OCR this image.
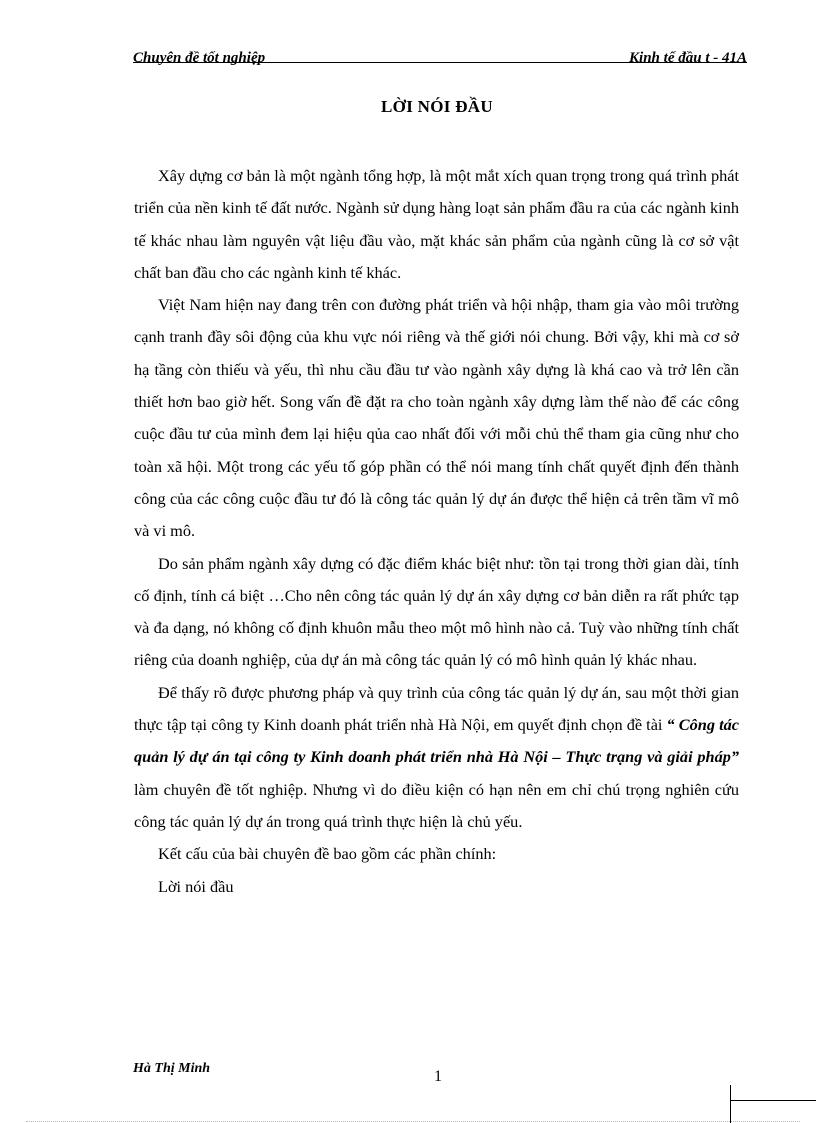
Chuyên đề tốt nghiệp	Kinh tế đầu t - 41A
LỜI NÓI ĐẦU

Xây dựng cơ bản là một ngành tổng hợp, là một mắt xích quan trọng trong quá trình phát triển của nền kinh tế đất nước. Ngành sử dụng hàng loạt sản phẩm đầu ra của các ngành kinh tế khác nhau làm nguyên vật liệu đầu vào, mặt khác sản phẩm của ngành cũng là cơ sở vật chất ban đầu cho các ngành kinh tế khác.

Việt Nam hiện nay đang trên con đường phát triển và hội nhập, tham gia vào môi trường cạnh tranh đầy sôi động của khu vực nói riêng và thế giới nói chung. Bởi vậy, khi mà cơ sở hạ tầng còn thiếu và yếu, thì nhu cầu đầu tư vào ngành xây dựng là khá cao và trở lên cần thiết hơn bao giờ hết. Song vấn đề đặt ra cho toàn ngành xây dựng làm thế nào để các công cuộc đầu tư của mình đem lại hiệu qủa cao nhất đối với mỗi chủ thể tham gia cũng như cho toàn xã hội. Một trong các yếu tố góp phần có thể nói mang tính chất quyết định đến thành công của các công cuộc đầu tư đó là công tác quản lý dự án được thể hiện cả trên tầm vĩ mô và vi mô.

Do sản phẩm ngành xây dựng có đặc điểm khác biệt như: tồn tại trong thời gian dài, tính cố định, tính cá biệt …Cho nên công tác quản lý dự án xây dựng cơ bản diễn ra rất phức tạp và đa dạng, nó không cố định khuôn mẫu theo một mô hình nào cả. Tuỳ vào những tính chất riêng của doanh nghiệp, của dự án mà công tác quản lý có mô hình quản lý khác nhau.

Để thấy rõ được phương pháp và quy trình của công tác quản lý dự án, sau một thời gian thực tập tại công ty Kinh doanh phát triển nhà Hà Nội, em quyết định chọn đề tài “ Công tác quản lý dự án tại công ty Kinh doanh phát triển nhà Hà Nội – Thực trạng và giải pháp” làm chuyên đề tốt nghiệp. Nhưng vì do điều kiện có hạn nên em chỉ chú trọng nghiên cứu công tác quản lý dự án trong quá trình thực hiện là chủ yếu.

Kết cấu của bài chuyên đề bao gồm các phần chính:

Lời nói đầu

Hà Thị Minh	1
